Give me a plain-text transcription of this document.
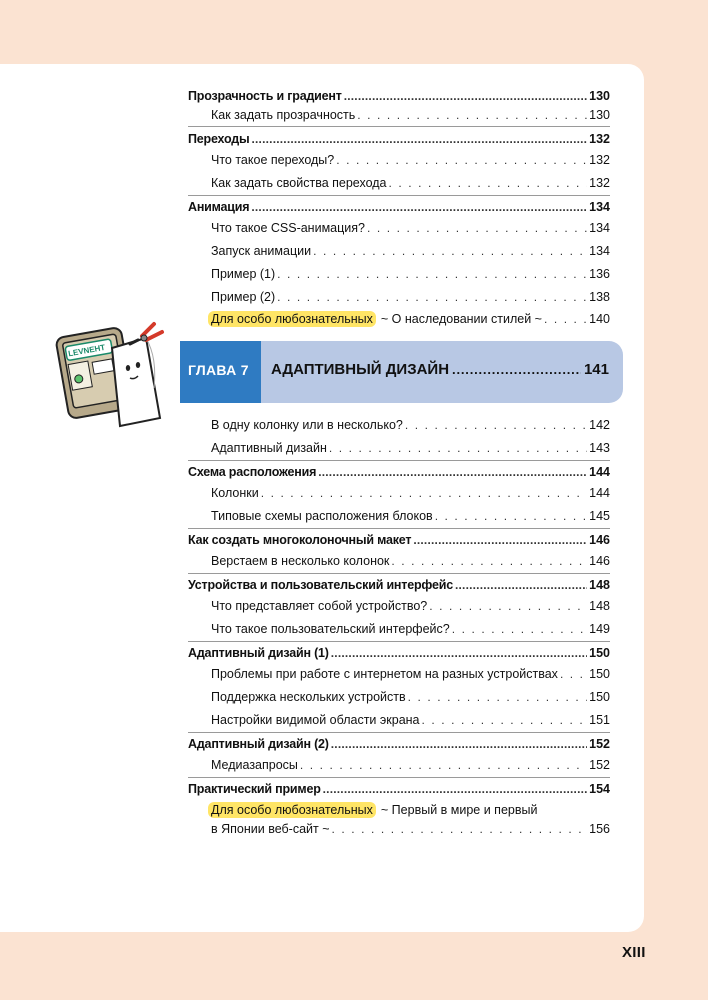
Прозрачность и градиент .....	130
Как задать прозрачность . . .	130
Переходы .....	132
Что такое переходы? . . .	132
Как задать свойства перехода . . .	132
Анимация .....	134
Что такое CSS-анимация? . . .	134
Запуск анимации . . .	134
Пример (1) . . .	136
Пример (2) . . .	138
Для особо любознательных ~ О наследовании стилей ~ . . .	140
ГЛАВА 7 АДАПТИВНЫЙ ДИЗАЙН .....	141
LEVNEHT
В одну колонку или в несколько? . . .	142
Адаптивный дизайн . . .	143
Схема расположения .....	144
Колонки . . .	144
Типовые схемы расположения блоков . . .	145
Как создать многоколоночный макет .....	146
Верстаем в несколько колонок . . .	146
Устройства и пользовательский интерфейс .....	148
Что представляет собой устройство? . . .	148
Что такое пользовательский интерфейс? . . .	149
Адаптивный дизайн (1) .....	150
Проблемы при работе с интернетом на разных устройствах . . . 150
Поддержка нескольких устройств . . .	150
Настройки видимой области экрана . . .	151
Адаптивный дизайн (2) .....	152
Медиазапросы . . .	152
Практический пример .....	154
Для особо любознательных ~ Первый в мире и первый
в Японии веб-сайт ~ . . .	156
XIII
